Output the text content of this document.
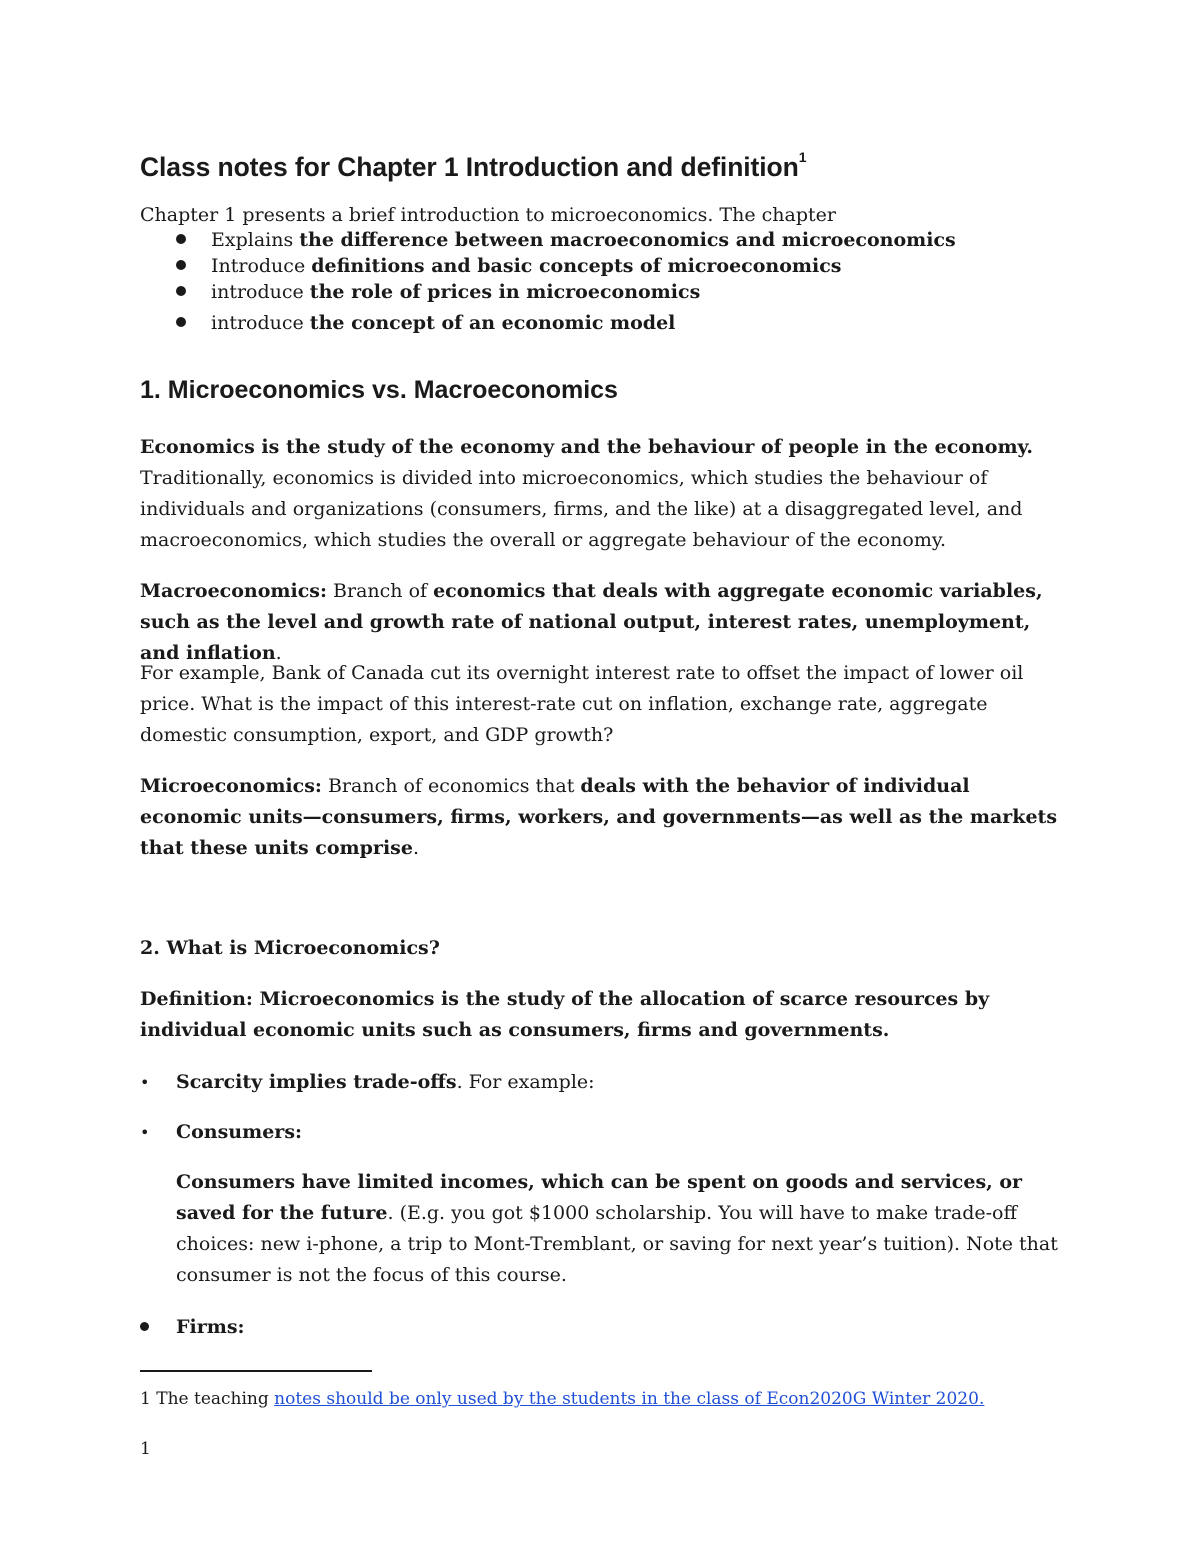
Class notes for Chapter 1 Introduction and definition$^1$
Chapter 1 presents a brief introduction to microeconomics. The chapter
Explains the difference between macroeconomics and microeconomics
Introduce definitions and basic concepts of microeconomics
introduce the role of prices in microeconomics
introduce the concept of an economic model
1. Microeconomics vs. Macroeconomics
Economics is the study of the economy and the behaviour of people in the economy. Traditionally, economics is divided into microeconomics, which studies the behaviour of individuals and organizations (consumers, firms, and the like) at a disaggregated level, and macroeconomics, which studies the overall or aggregate behaviour of the economy.
Macroeconomics: Branch of economics that deals with aggregate economic variables, such as the level and growth rate of national output, interest rates, unemployment, and inflation.
For example, Bank of Canada cut its overnight interest rate to offset the impact of lower oil price. What is the impact of this interest-rate cut on inflation, exchange rate, aggregate domestic consumption, export, and GDP growth?
Microeconomics: Branch of economics that deals with the behavior of individual economic units—consumers, firms, workers, and governments—as well as the markets that these units comprise.
2. What is Microeconomics?
Definition: Microeconomics is the study of the allocation of scarce resources by individual economic units such as consumers, firms and governments.
•	Scarcity implies trade-offs. For example:
•	Consumers:
Consumers have limited incomes, which can be spent on goods and services, or saved for the future. (E.g. you got $1000 scholarship. You will have to make trade-off choices: new i-phone, a trip to Mont-Tremblant, or saving for next year’s tuition). Note that consumer is not the focus of this course.
Firms:
1 The teaching notes should be only used by the students in the class of Econ2020G Winter 2020.
1
